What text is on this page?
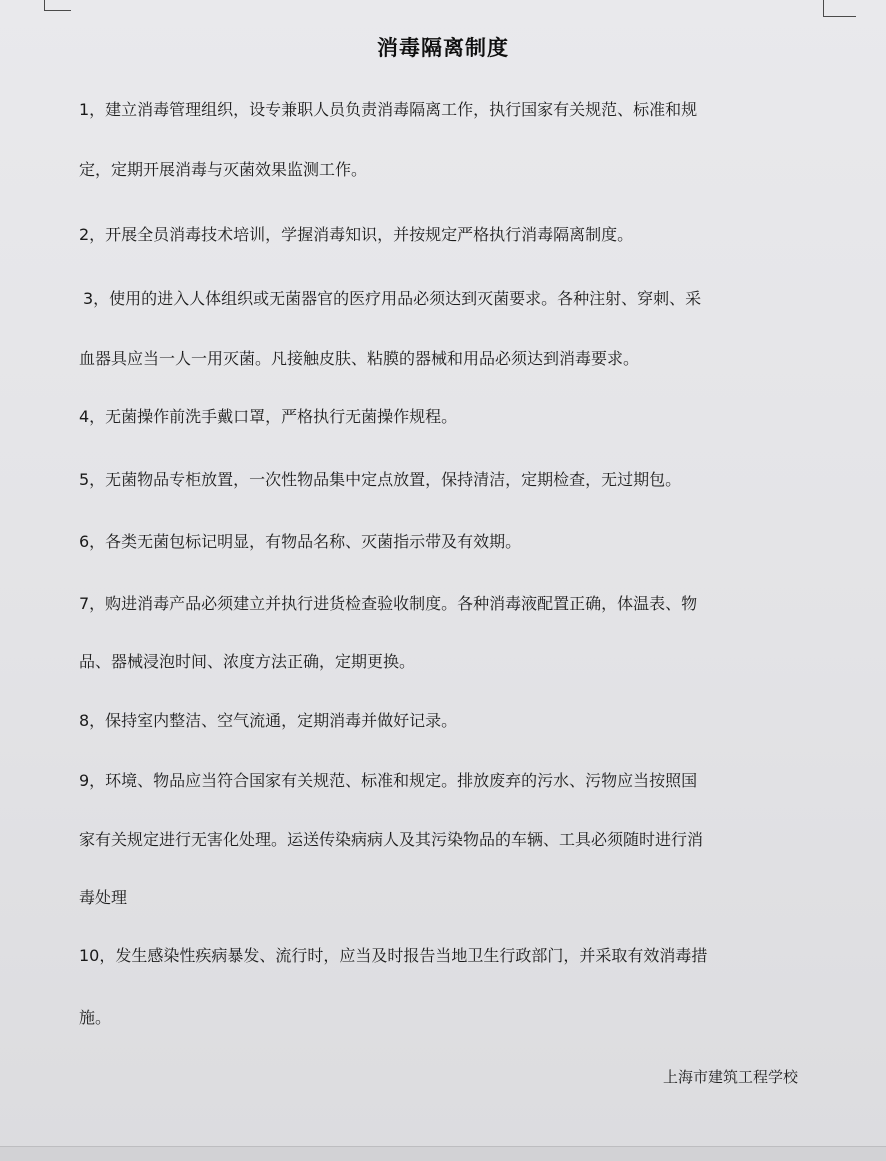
消毒隔离制度
1，建立消毒管理组织，设专兼职人员负责消毒隔离工作，执行国家有关规范、标准和规
定，定期开展消毒与灭菌效果监测工作。
2，开展全员消毒技术培训，学握消毒知识，并按规定严格执行消毒隔离制度。
3，使用的进入人体组织或无菌器官的医疗用品必须达到灭菌要求。各种注射、穿刺、采
血器具应当一人一用灭菌。凡接触皮肤、粘膜的器械和用品必须达到消毒要求。
4，无菌操作前洗手戴口罩，严格执行无菌操作规程。
5，无菌物品专柜放置，一次性物品集中定点放置，保持清洁，定期检查，无过期包。
6，各类无菌包标记明显，有物品名称、灭菌指示带及有效期。
7，购进消毒产品必须建立并执行进货检查验收制度。各种消毒液配置正确，体温表、物
品、器械浸泡时间、浓度方法正确，定期更换。
8，保持室内整洁、空气流通，定期消毒并做好记录。
9，环境、物品应当符合国家有关规范、标准和规定。排放废弃的污水、污物应当按照国
家有关规定进行无害化处理。运送传染病病人及其污染物品的车辆、工具必须随时进行消
毒处理
10，发生感染性疾病暴发、流行时，应当及时报告当地卫生行政部门，并采取有效消毒措
施。
上海市建筑工程学校
